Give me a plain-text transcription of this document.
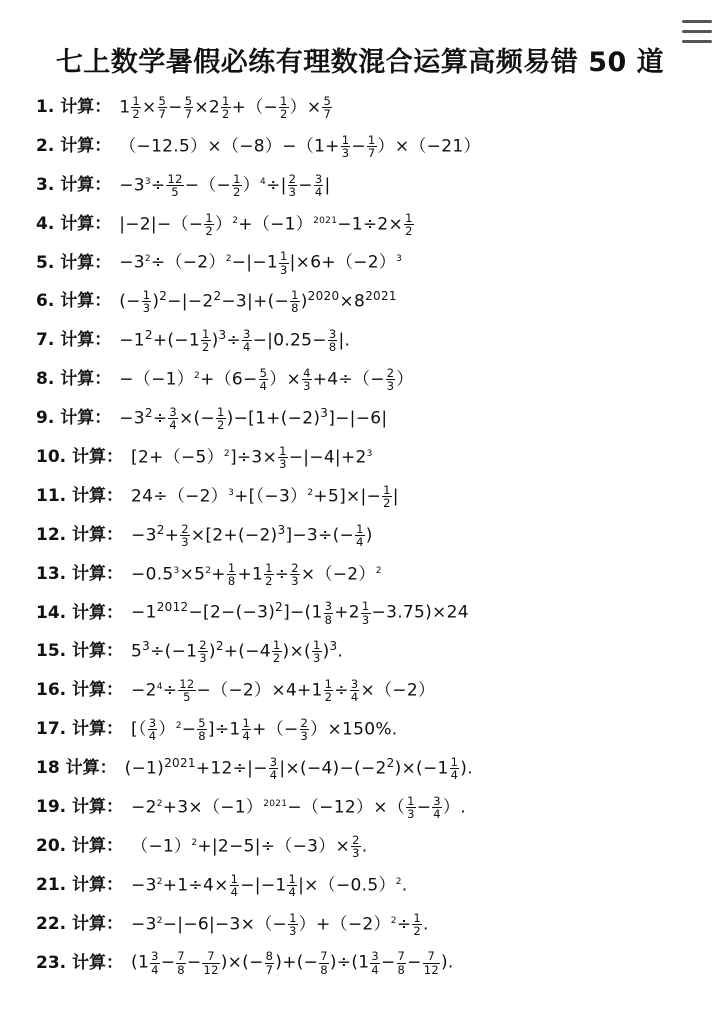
七上数学暑假必练有理数混合运算高频易错 50 道
1. 计算： $1 \frac{1}{2} \times \frac{5}{7} - \frac{5}{7} \times 2 \frac{1}{2}$ +（− $\frac{1}{2}$ ）× $\frac{5}{7}$
2. 计算： $(-12.5)\times(-8)-(1+ \frac{1}{3} - \frac{1}{7} )\times(-21)$
3. 计算： $-3^3\div \frac{12}{5}$ −（− $\frac{1}{2} )^4\div| \frac{2}{3} - \frac{3}{4}$ |
4. 计算： $|-2|-(- \frac{1}{2} )^2+(-1)^{2021}-1\div 2\times \frac{1}{2}$
5. 计算： $-3^2\div(-2)^2-|-1 \frac{1}{3} |\times 6+(-2)^3$
6. 计算： (− $\frac{1}{3} )^2-|-2^2-3|+(- \frac{1}{8} )^{2020}\times 8^{2021}$
7. 计算： $-1^2+(-1 \frac{1}{2} )^3\div \frac{3}{4} -|0.25- \frac{3}{8}$ |.
8. 计算： $-(-1)^2+(6- \frac{5}{4}$ ）× $\frac{4}{3} +4\div(- \frac{2}{3}$ ）
9. 计算： $-3^2\div \frac{3}{4}$ ×(− $\frac{1}{2} )-[1+(-2)^3]-|-6|$
10. 计算： $[2+(-5)^2]\div 3\times \frac{1}{3} -|-4|+2^3$
11. 计算： $24\div(-2)^3+[(-3)^2+5]\times|- \frac{1}{2}$ |
12. 计算： $-3^2+ \frac{2}{3} \times[2+(-2)^3]-3\div(- \frac{1}{4}$ )
13. 计算： $-0.5^3\times 5^2+ \frac{1}{8} +1 \frac{1}{2} \div \frac{2}{3} \times(-2)^2$
14. 计算： $-1^{2012}-[2-(-3)^2]-(1 \frac{3}{8} +2 \frac{1}{3} -3.75)\times 24$
15. 计算： $5^3\div(-1 \frac{2}{3} )^2+(-4 \frac{1}{2}$ )×( $\frac{1}{3} )^3$.
16. 计算： $-2^4\div \frac{12}{5} -(-2)\times 4+1 \frac{1}{2} \div \frac{3}{4} \times(-2)$
17. 计算： [（ $\frac{3}{4} )^2- \frac{5}{8} ]\div 1 \frac{1}{4}$ +（− $\frac{2}{3} )\times 150\%$.
18 计算： $(-1)^{2021}+12\div|- \frac{3}{4} |\times(-4)-(-2^2)\times(-1 \frac{1}{4}$ ).
19. 计算： $-2^2+3\times(-1)^{2021}-(-12)\times( \frac{1}{3} - \frac{3}{4}$ ）.
20. 计算： $(-1)^2+|2-5|\div(-3)\times \frac{2}{3}$ .
21. 计算： $-3^2+1\div 4\times \frac{1}{4} -|-1 \frac{1}{4} |\times(-0.5)^2$.
22. 计算： $-3^2-|-6|-3\times(- \frac{1}{3} )+(-2)^2\div \frac{1}{2}$ .
23. 计算： ($1 \frac{3}{4} - \frac{7}{8} - \frac{7}{12}$ )×(− $\frac{8}{7}$ )+(− $\frac{7}{8} )\div(1 \frac{3}{4} - \frac{7}{8} - \frac{7}{12}$ ).
